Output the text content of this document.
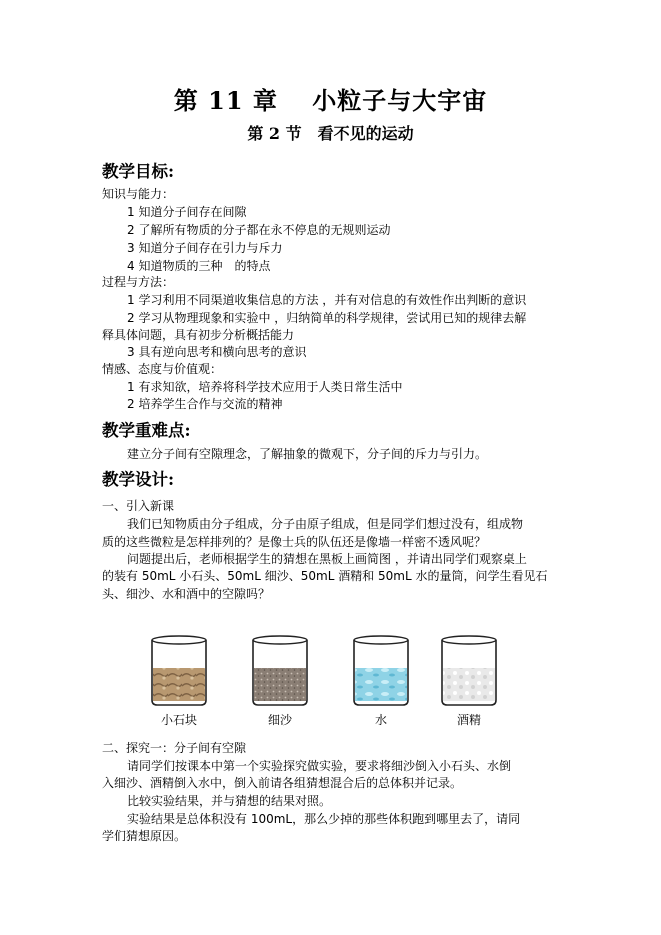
第 11 章　 小粒子与大宇宙
第 2 节　看不见的运动
教学目标:
知识与能力：
1 知道分子间存在间隙
2 了解所有物质的分子都在永不停息的无规则运动
3 知道分子间存在引力与斥力
4 知道物质的三种　的特点
过程与方法：
1 学习利用不同渠道收集信息的方法 ，并有对信息的有效性作出判断的意识
2 学习从物理现象和实验中 ，归纳简单的科学规律，尝试用已知的规律去解
释具体问题，具有初步分析概括能力
3 具有逆向思考和横向思考的意识
情感、态度与价值观：
1 有求知欲，培养将科学技术应用于人类日常生活中
2 培养学生合作与交流的精神
教学重难点:
建立分子间有空隙理念，了解抽象的微观下，分子间的斥力与引力。
教学设计:
一、引入新课
我们已知物质由分子组成，分子由原子组成，但是同学们想过没有，组成物
质的这些微粒是怎样排列的？是像士兵的队伍还是像墙一样密不透风呢？
问题提出后，老师根据学生的猜想在黑板上画简图 ，并请出同学们观察桌上
的装有 50mL 小石头、50mL 细沙、50mL 酒精和 50mL 水的量筒，问学生看见石
头、细沙、水和酒中的空隙吗？
小石块	细沙	水	酒精
二、探究一：分子间有空隙
请同学们按课本中第一个实验探究做实验，要求将细沙倒入小石头、水倒
入细沙、酒精倒入水中，倒入前请各组猜想混合后的总体积并记录。
比较实验结果，并与猜想的结果对照。
实验结果是总体积没有 100mL，那么少掉的那些体积跑到哪里去了，请同
学们猜想原因。
